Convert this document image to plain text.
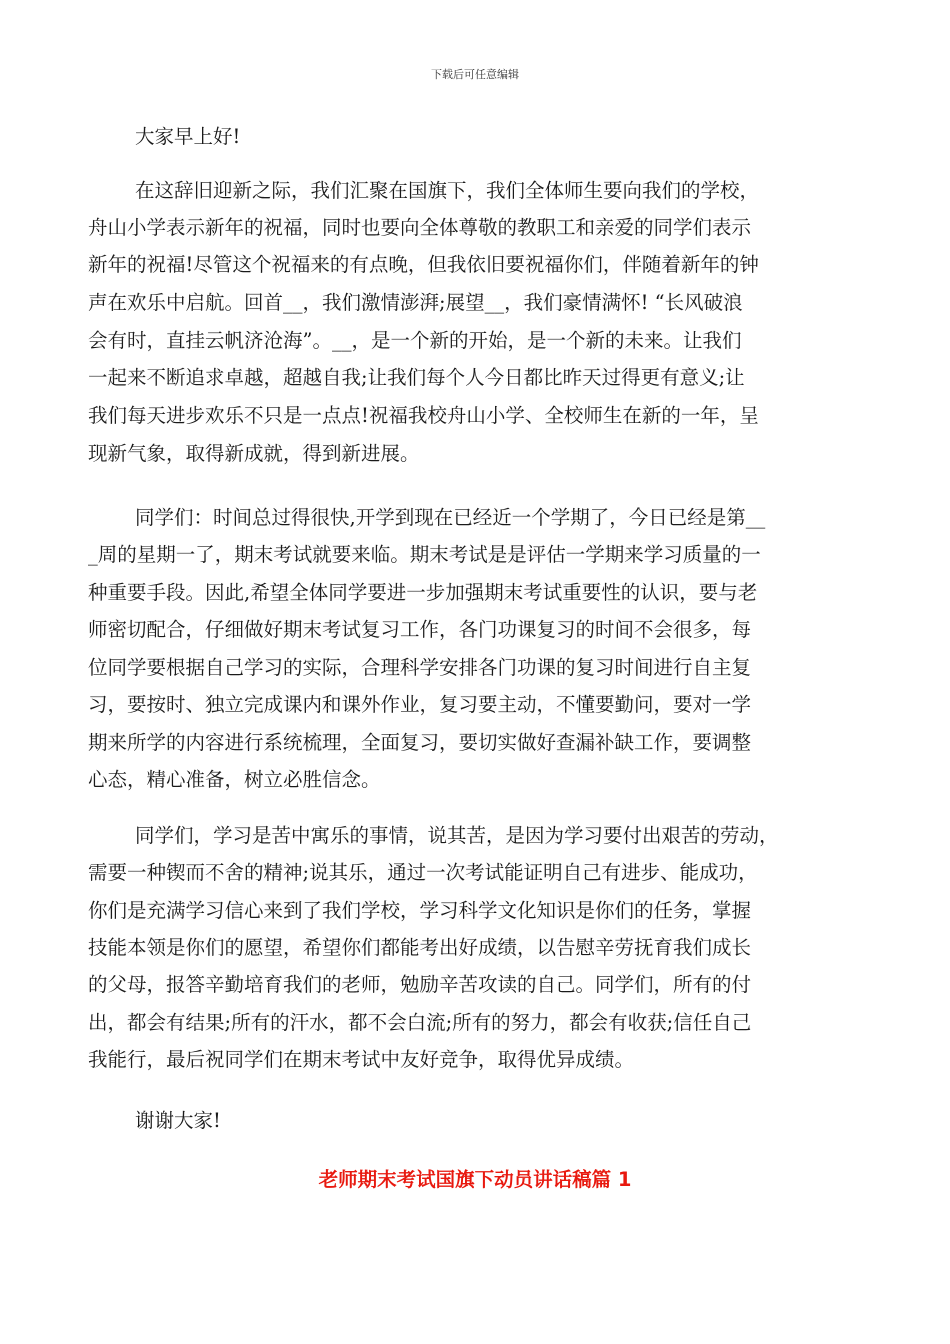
下载后可任意编辑
大家早上好!
在这辞旧迎新之际，我们汇聚在国旗下，我们全体师生要向我们的学校，
舟山小学表示新年的祝福，同时也要向全体尊敬的教职工和亲爱的同学们表示
新年的祝福!尽管这个祝福来的有点晚，但我依旧要祝福你们，伴随着新年的钟
声在欢乐中启航。回首__，我们激情澎湃;展望__，我们豪情满怀! “长风破浪
会有时，直挂云帆济沧海”。__，是一个新的开始，是一个新的未来。让我们
一起来不断追求卓越，超越自我;让我们每个人今日都比昨天过得更有意义;让
我们每天进步欢乐不只是一点点!祝福我校舟山小学、全校师生在新的一年，呈
现新气象，取得新成就，得到新进展。
同学们：时间总过得很快,开学到现在已经近一个学期了，今日已经是第__
_周的星期一了，期末考试就要来临。期末考试是是评估一学期来学习质量的一
种重要手段。因此,希望全体同学要进一步加强期末考试重要性的认识，要与老
师密切配合，仔细做好期末考试复习工作，各门功课复习的时间不会很多，每
位同学要根据自己学习的实际，合理科学安排各门功课的复习时间进行自主复
习，要按时、独立完成课内和课外作业，复习要主动，不懂要勤问，要对一学
期来所学的内容进行系统梳理，全面复习，要切实做好查漏补缺工作，要调整
心态，精心准备，树立必胜信念。
同学们，学习是苦中寓乐的事情，说其苦，是因为学习要付出艰苦的劳动，
需要一种锲而不舍的精神;说其乐，通过一次考试能证明自己有进步、能成功，
你们是充满学习信心来到了我们学校，学习科学文化知识是你们的任务，掌握
技能本领是你们的愿望，希望你们都能考出好成绩，以告慰辛劳抚育我们成长
的父母，报答辛勤培育我们的老师，勉励辛苦攻读的自己。同学们，所有的付
出，都会有结果;所有的汗水，都不会白流;所有的努力，都会有收获;信任自己
我能行，最后祝同学们在期末考试中友好竞争，取得优异成绩。
谢谢大家!
老师期末考试国旗下动员讲话稿篇 1
